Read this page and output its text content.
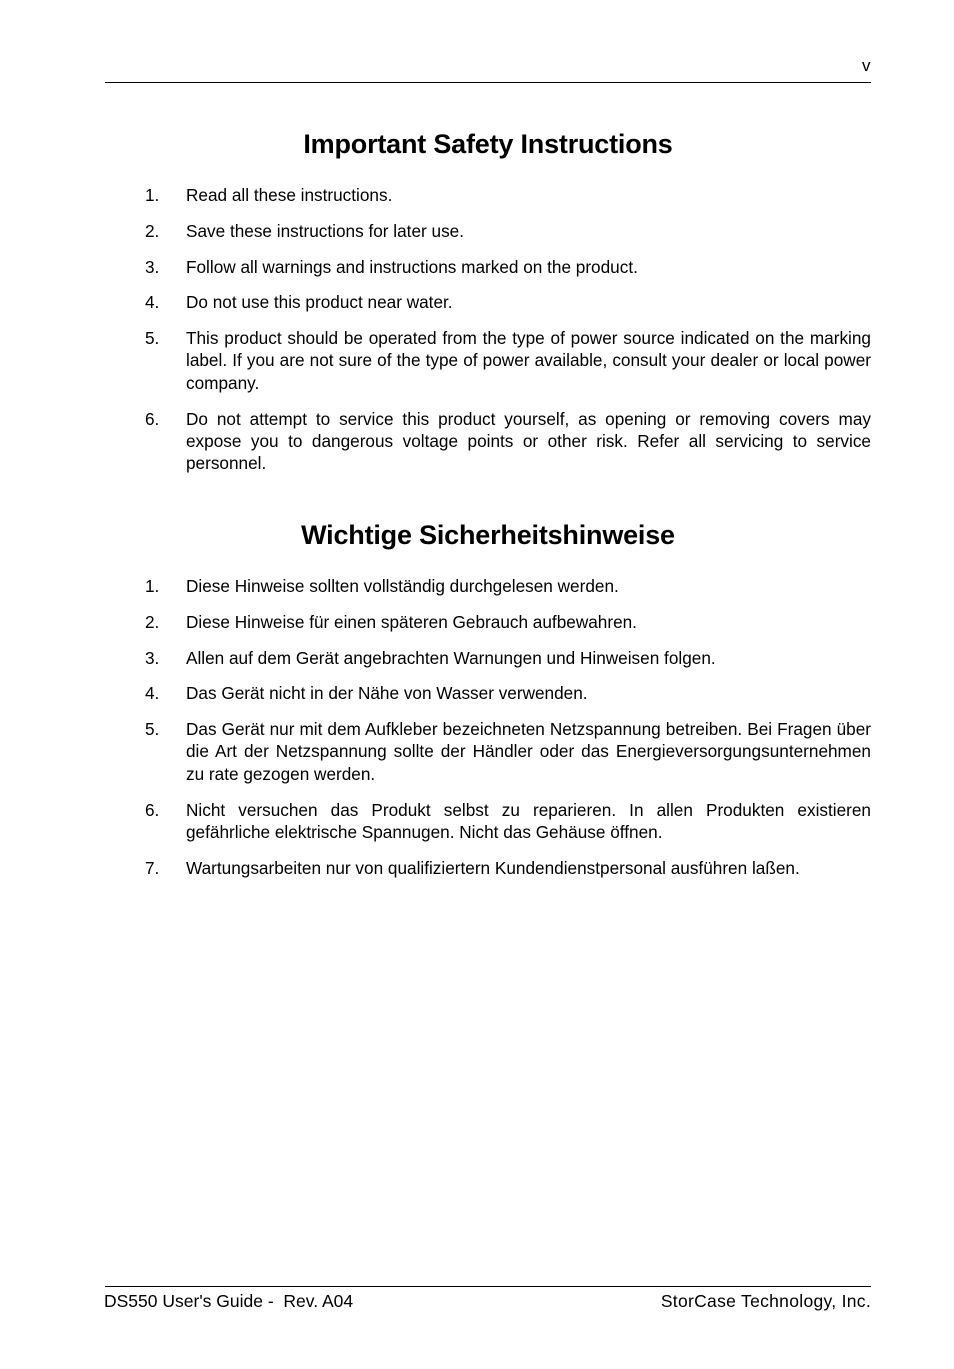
v
Important Safety Instructions
1.	Read all these instructions.
2.	Save these instructions for later use.
3.	Follow all warnings and instructions marked on the product.
4.	Do not use this product near water.
5.	This product should be operated from the type of power source indicated on the marking label. If you are not sure of the type of power available, consult your dealer or local power company.
6.	Do not attempt to service this product yourself, as opening or removing covers may expose you to dangerous voltage points or other risk. Refer all servicing to service personnel.
Wichtige Sicherheitshinweise
1.	Diese Hinweise sollten vollständig durchgelesen werden.
2.	Diese Hinweise für einen späteren Gebrauch aufbewahren.
3.	Allen auf dem Gerät angebrachten Warnungen und Hinweisen folgen.
4.	Das Gerät nicht in der Nähe von Wasser verwenden.
5.	Das Gerät nur mit dem Aufkleber bezeichneten Netzspannung betreiben. Bei Fragen über die Art der Netzspannung sollte der Händler oder das Energieversorgungsunternehmen zu rate gezogen werden.
6.	Nicht versuchen das Produkt selbst zu reparieren. In allen Produkten existieren gefährliche elektrische Spannugen. Nicht das Gehäuse öffnen.
7.	Wartungsarbeiten nur von qualifiziertern Kundendienstpersonal ausführen laßen.
DS550 User's Guide -  Rev. A04	StorCase Technology, Inc.
